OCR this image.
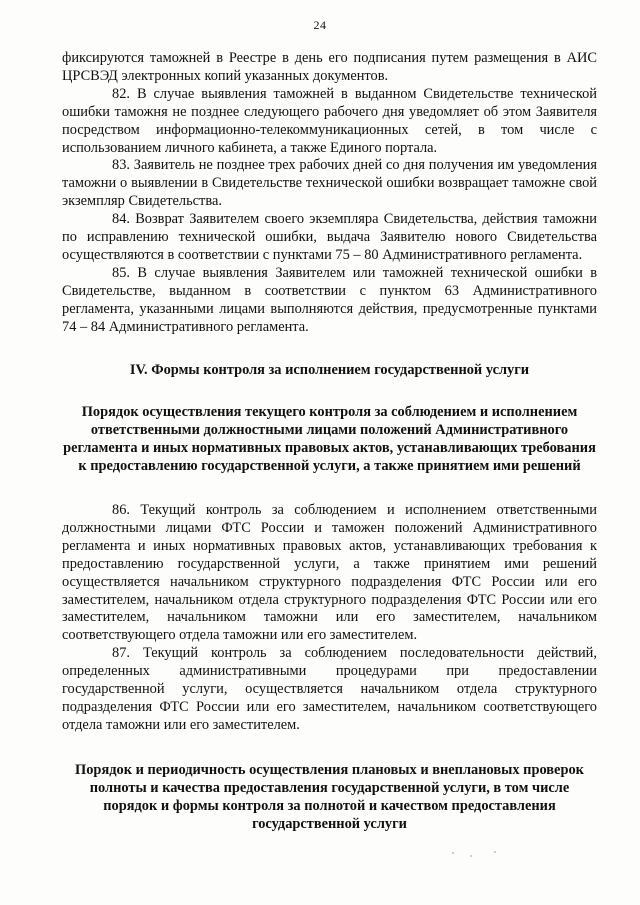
24

фиксируются таможней в Реестре в день его подписания путем размещения в АИС ЦРСВЭД электронных копий указанных документов.

82. В случае выявления таможней в выданном Свидетельстве технической ошибки таможня не позднее следующего рабочего дня уведомляет об этом Заявителя посредством информационно-телекоммуникационных сетей, в том числе с использованием личного кабинета, а также Единого портала.

83. Заявитель не позднее трех рабочих дней со дня получения им уведомления таможни о выявлении в Свидетельстве технической ошибки возвращает таможне свой экземпляр Свидетельства.

84. Возврат Заявителем своего экземпляра Свидетельства, действия таможни по исправлению технической ошибки, выдача Заявителю нового Свидетельства осуществляются в соответствии с пунктами 75 – 80 Административного регламента.

85. В случае выявления Заявителем или таможней технической ошибки в Свидетельстве, выданном в соответствии с пунктом 63 Административного регламента, указанными лицами выполняются действия, предусмотренные пунктами 74 – 84 Административного регламента.

IV. Формы контроля за исполнением государственной услуги
Порядок осуществления текущего контроля за соблюдением и исполнением ответственными должностными лицами положений Административного регламента и иных нормативных правовых актов, устанавливающих требования к предоставлению государственной услуги, а также принятием ими решений

86. Текущий контроль за соблюдением и исполнением ответственными должностными лицами ФТС России и таможен положений Административного регламента и иных нормативных правовых актов, устанавливающих требования к предоставлению государственной услуги, а также принятием ими решений осуществляется начальником структурного подразделения ФТС России или его заместителем, начальником отдела структурного подразделения ФТС России или его заместителем, начальником таможни или его заместителем, начальником соответствующего отдела таможни или его заместителем.

87. Текущий контроль за соблюдением последовательности действий, определенных административными процедурами при предоставлении государственной услуги, осуществляется начальником отдела структурного подразделения ФТС России или его заместителем, начальником соответствующего отдела таможни или его заместителем.

Порядок и периодичность осуществления плановых и внеплановых проверок полноты и качества предоставления государственной услуги, в том числе порядок и формы контроля за полнотой и качеством предоставления государственной услуги
